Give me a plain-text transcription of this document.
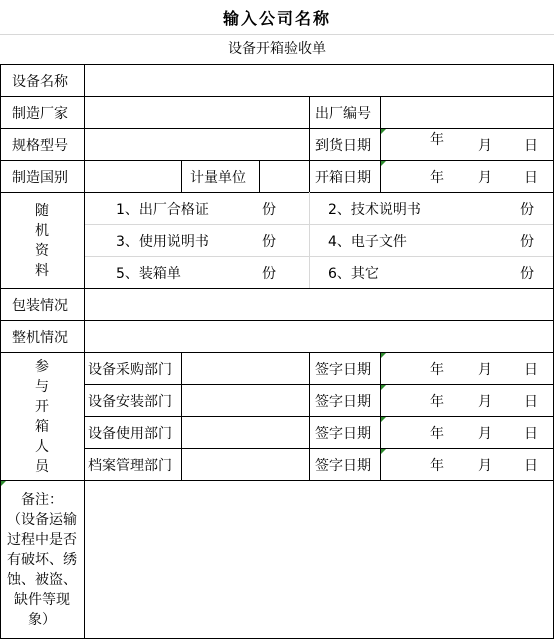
输入公司名称
设备开箱验收单
设备名称
制造厂家	出厂编号
规格型号	到货日期	年 月 日
制造国别	计量单位	开箱日期	年 月 日
随
机
资
料
1、出厂合格证	份	2、技术说明书	份
3、使用说明书	份	4、电子文件	份
5、装箱单	份	6、其它	份
包装情况
整机情况
参
与
开
箱
人
员
设备采购部门	签字日期	年 月 日
设备安装部门	签字日期	年 月 日
设备使用部门	签字日期	年 月 日
档案管理部门	签字日期	年 月 日
备注：
（设备运输
过程中是否
有破坏、绣
蚀、被盗、
缺件等现
象）
